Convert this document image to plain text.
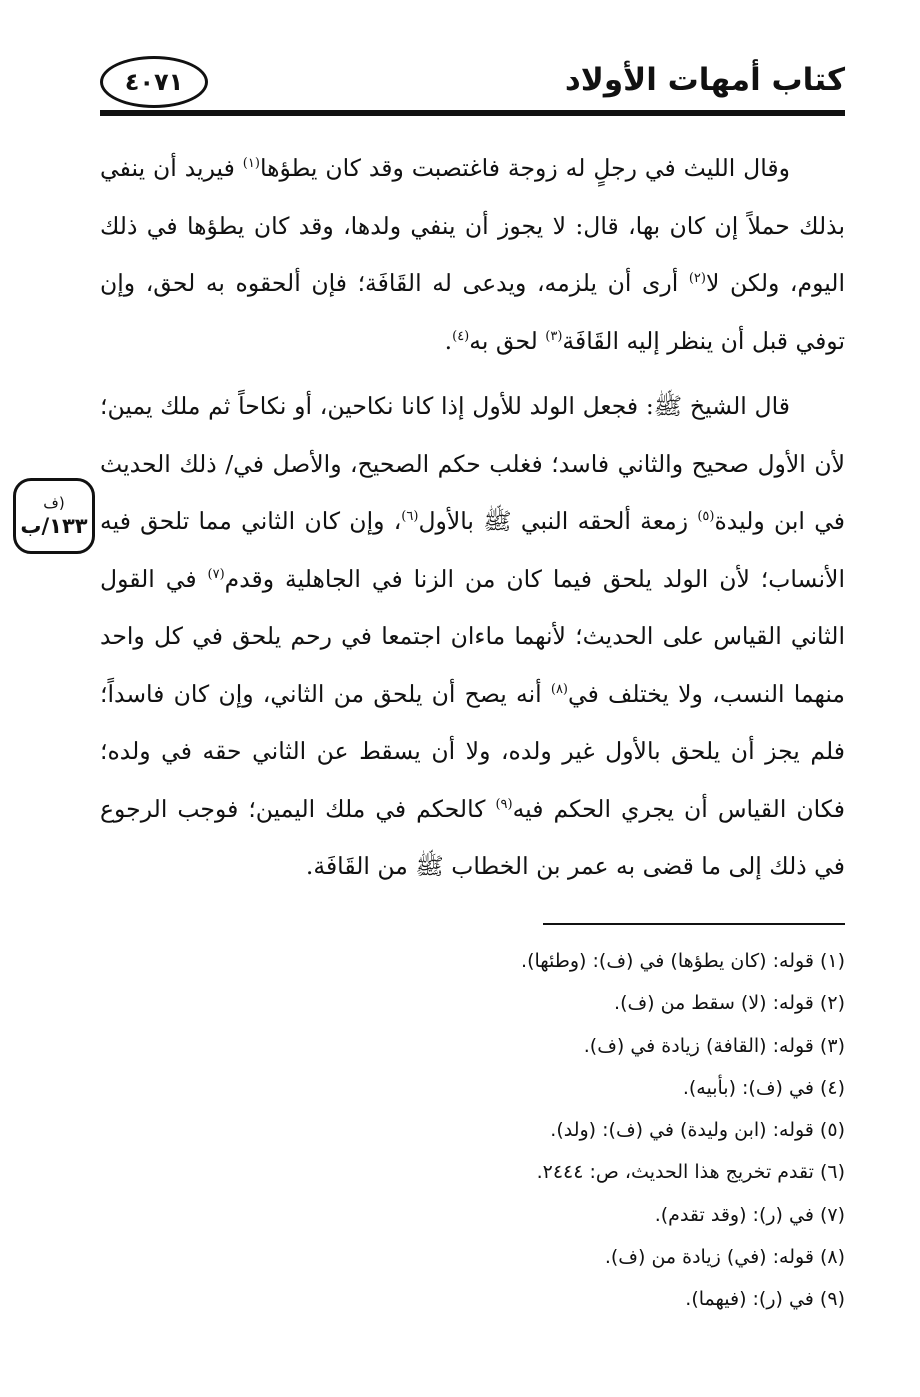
٤٠٧١	كتاب أمهات الأولاد
(ف
١٣٣/ب

وقال الليث في رجلٍ له زوجة فاغتصبت وقد كان يطؤها$^{(١)}$ فيريد أن ينفي بذلك حملاً إن كان بها، قال: لا يجوز أن ينفي ولدها، وقد كان يطؤها في ذلك اليوم، ولكن لا$^{(٢)}$ أرى أن يلزمه، ويدعى له القَافَة؛ فإن ألحقوه به لحق، وإن توفي قبل أن ينظر إليه القَافَة$^{(٣)}$ لحق به$^{(٤)}$.

قال الشيخ ﷺ: فجعل الولد للأول إذا كانا نكاحين، أو نكاحاً ثم ملك يمين؛ لأن الأول صحيح والثاني فاسد؛ فغلب حكم الصحيح، والأصل في/ ذلك الحديث في ابن وليدة$^{(٥)}$ زمعة ألحقه النبي ﷺ بالأول$^{(٦)}$، وإن كان الثاني مما تلحق فيه الأنساب؛ لأن الولد يلحق فيما كان من الزنا في الجاهلية وقدم$^{(٧)}$ في القول الثاني القياس على الحديث؛ لأنهما ماءان اجتمعا في رحم يلحق في كل واحد منهما النسب، ولا يختلف في$^{(٨)}$ أنه يصح أن يلحق من الثاني، وإن كان فاسداً؛ فلم يجز أن يلحق بالأول غير ولده، ولا أن يسقط عن الثاني حقه في ولده؛ فكان القياس أن يجري الحكم فيه$^{(٩)}$ كالحكم في ملك اليمين؛ فوجب الرجوع في ذلك إلى ما قضى به عمر بن الخطاب ﷺ من القَافَة.

(١) قوله: (كان يطؤها) في (ف): (وطئها).
(٢) قوله: (لا) سقط من (ف).
(٣) قوله: (القافة) زيادة في (ف).
(٤) في (ف): (بأبيه).
(٥) قوله: (ابن وليدة) في (ف): (ولد).
(٦) تقدم تخريج هذا الحديث، ص: ٢٤٤٤.
(٧) في (ر): (وقد تقدم).
(٨) قوله: (في) زيادة من (ف).
(٩) في (ر): (فيهما).
